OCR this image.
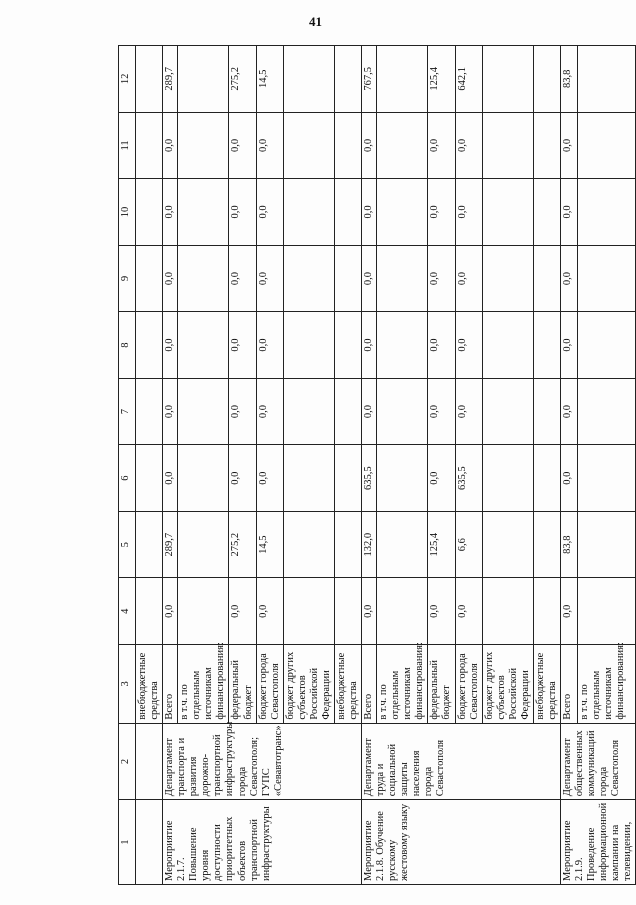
41
1	2	3	4	5	6	7	8	9	10	11	12
		внебюджетные средства									
Мероприятие 2.1.7. Повышение уровня доступности приоритетных объектов транспортной инфраструктуры	Департамент транспорта и развития дорожно-транспортной инфраструктуры города Севастополя; ГУПС «Севавтотранс»	Всего	0,0	289,7	0,0	0,0	0,0	0,0	0,0	0,0	289,7
		в т.ч. по отдельным источникам финансирования:									
		федеральный бюджет	0,0	275,2	0,0	0,0	0,0	0,0	0,0	0,0	275,2
		бюджет города Севастополя	0,0	14,5	0,0	0,0	0,0	0,0	0,0	0,0	14,5
		бюджет других субъектов Российской Федерации									
		внебюджетные средства									
Мероприятие 2.1.8. Обучение русскому жестовому языку	Департамент труда и социальной защиты населения города Севастополя	Всего	0,0	132,0	635,5	0,0	0,0	0,0	0,0	0,0	767,5
		в т.ч. по отдельным источникам финансирования:									
		федеральный бюджет	0,0	125,4	0,0	0,0	0,0	0,0	0,0	0,0	125,4
		бюджет города Севастополя	0,0	6,6	635,5	0,0	0,0	0,0	0,0	0,0	642,1
		бюджет других субъектов Российской Федерации									
		внебюджетные средства									
Мероприятие 2.1.9. Проведение информационной кампании на телевидении,	Департамент общественных коммуникаций города Севастополя	Всего	0,0	83,8	0,0	0,0	0,0	0,0	0,0	0,0	83,8
		в т.ч. по отдельным источникам финансирования:									
